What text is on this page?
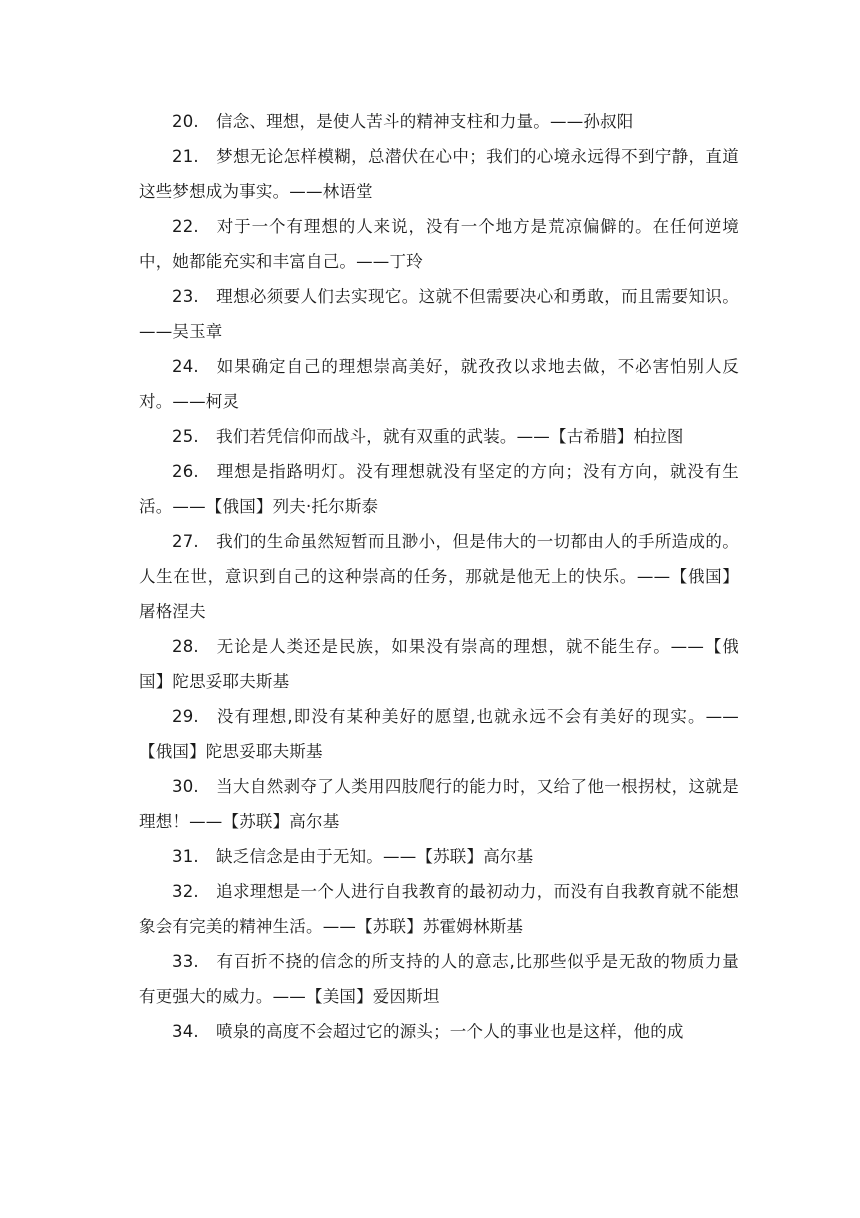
20. 信念、理想，是使人苦斗的精神支柱和力量。——孙叔阳

21. 梦想无论怎样模糊，总潜伏在心中；我们的心境永远得不到宁静，直道这些梦想成为事实。——林语堂

22. 对于一个有理想的人来说，没有一个地方是荒凉偏僻的。在任何逆境中，她都能充实和丰富自己。——丁玲

23. 理想必须要人们去实现它。这就不但需要决心和勇敢，而且需要知识。——吴玉章

24. 如果确定自己的理想崇高美好，就孜孜以求地去做，不必害怕别人反对。——柯灵

25. 我们若凭信仰而战斗，就有双重的武装。——【古希腊】柏拉图

26. 理想是指路明灯。没有理想就没有坚定的方向；没有方向，就没有生活。——【俄国】列夫·托尔斯泰

27. 我们的生命虽然短暂而且渺小，但是伟大的一切都由人的手所造成的。人生在世，意识到自己的这种崇高的任务，那就是他无上的快乐。——【俄国】屠格涅夫

28. 无论是人类还是民族，如果没有崇高的理想，就不能生存。——【俄国】陀思妥耶夫斯基

29. 没有理想,即没有某种美好的愿望,也就永远不会有美好的现实。——【俄国】陀思妥耶夫斯基

30. 当大自然剥夺了人类用四肢爬行的能力时，又给了他一根拐杖，这就是理想！——【苏联】高尔基

31. 缺乏信念是由于无知。——【苏联】高尔基

32. 追求理想是一个人进行自我教育的最初动力，而没有自我教育就不能想象会有完美的精神生活。——【苏联】苏霍姆林斯基

33. 有百折不挠的信念的所支持的人的意志,比那些似乎是无敌的物质力量有更强大的威力。——【美国】爱因斯坦

34. 喷泉的高度不会超过它的源头；一个人的事业也是这样，他的成
